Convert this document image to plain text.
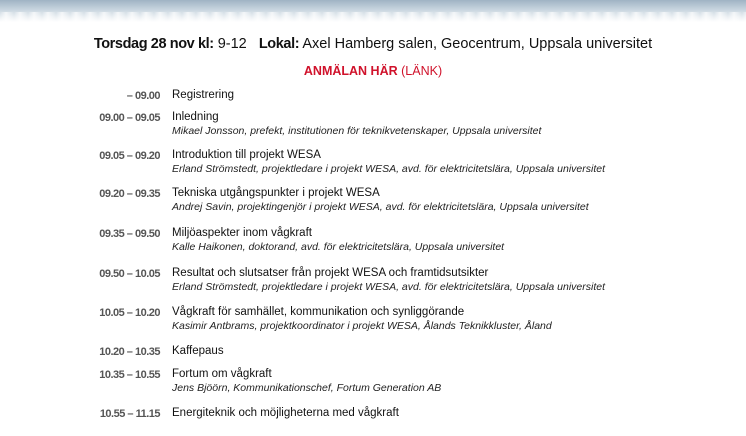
Torsdag 28 nov kl: 9-12 Lokal: Axel Hamberg salen, Geocentrum, Uppsala universitet
ANMÄLAN HÄR (LÄNK)
– 09.00 Registrering
09.00 – 09.05 Inledning
Mikael Jonsson, prefekt, institutionen för teknikvetenskaper, Uppsala universitet
09.05 – 09.20 Introduktion till projekt WESA
Erland Strömstedt, projektledare i projekt WESA, avd. för elektricitetslära, Uppsala universitet
09.20 – 09.35 Tekniska utgångspunkter i projekt WESA
Andrej Savin, projektingenjör i projekt WESA, avd. för elektricitetslära, Uppsala universitet
09.35 – 09.50 Miljöaspekter inom vågkraft
Kalle Haikonen, doktorand, avd. för elektricitetslära, Uppsala universitet
09.50 – 10.05 Resultat och slutsatser från projekt WESA och framtidsutsikter
Erland Strömstedt, projektledare i projekt WESA, avd. för elektricitetslära, Uppsala universitet
10.05 – 10.20 Vågkraft för samhället, kommunikation och synliggörande
Kasimir Antbrams, projektkoordinator i projekt WESA, Ålands Teknikkluster, Åland
10.20 – 10.35 Kaffepaus
10.35 – 10.55 Fortum om vågkraft
Jens Bjöörn, Kommunikationschef, Fortum Generation AB
10.55 – 11.15 Energiteknik och möjligheterna med vågkraft
